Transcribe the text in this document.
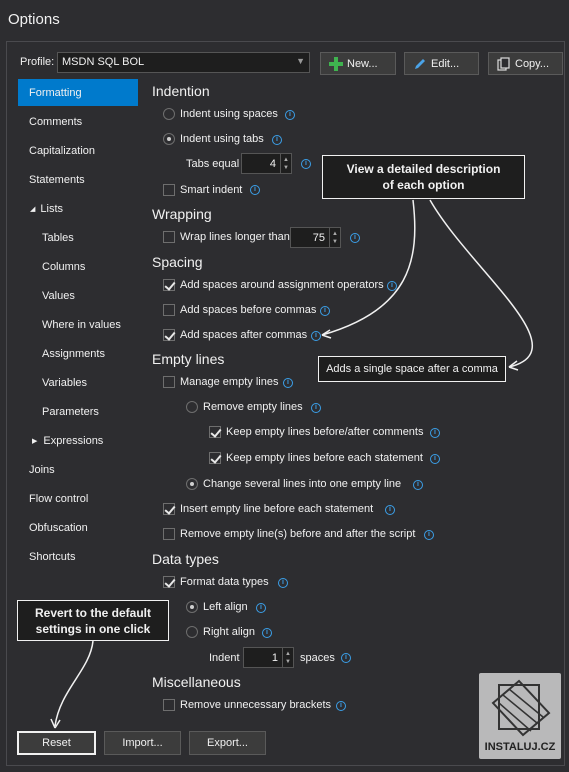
Options
Profile: MSDN SQL BOL	▼	New...	Edit...	Copy...
Formatting
Comments
Capitalization
Statements
◢ Lists
Tables
Columns
Values
Where in values
Assignments
Variables
Parameters
▶ Expressions
Joins
Flow control
Obfuscation
Shortcuts
Indention
Indent using spaces	i
Indent using tabs	i
Tabs equal	4	▲
▼
i
Smart indent	i
Wrapping
Wrap lines longer than	75	▲
▼
i
Spacing
Add spaces around assignment operators	i
Add spaces before commas	i
Add spaces after commas	i
Empty lines
Manage empty lines	i
Remove empty lines	i
Keep empty lines before/after comments	i
Keep empty lines before each statement	i
Change several lines into one empty line	i
Insert empty line before each statement	i
Remove empty line(s) before and after the script	i
Data types
Format data types	i
Left align	i
Right align	i
Indent	1	▲
▼ spaces	i
Miscellaneous
Remove unnecessary brackets	i
View a detailed description
of each option
Adds a single space after a comma
Revert to the default
settings in one click
Reset	Import...	Export...	INSTALUJ.CZ
